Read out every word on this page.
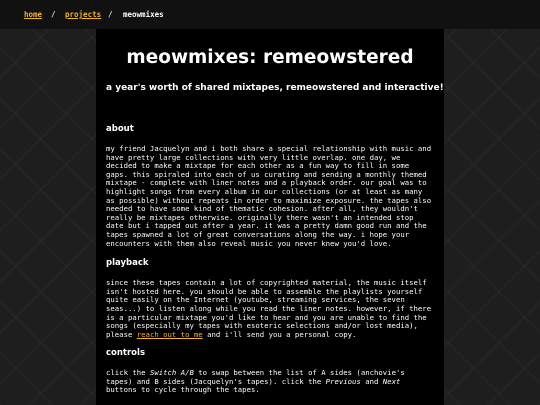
home / projects / meowmixes
meowmixes: remeowstered
a year's worth of shared mixtapes, remeowstered and interactive!
about

my friend Jacquelyn and i both share a special relationship with music and have pretty large collections with very little overlap. one day, we decided to make a mixtape for each other as a fun way to fill in some gaps. this spiraled into each of us curating and sending a monthly themed mixtape - complete with liner notes and a playback order. our goal was to highlight songs from every album in our collections (or at least as many as possible) without repeats in order to maximize exposure. the tapes also needed to have some kind of thematic cohesion. after all, they wouldn't really be mixtapes otherwise. originally there wasn't an intended stop date but i tapped out after a year. it was a pretty damn good run and the tapes spawned a lot of great conversations along the way. i hope your encounters with them also reveal music you never knew you'd love.

playback

since these tapes contain a lot of copyrighted material, the music itself isn't hosted here. you should be able to assemble the playlists yourself quite easily on the Internet (youtube, streaming services, the seven seas...) to listen along while you read the liner notes. however, if there is a particular mixtape you'd like to hear and you are unable to find the songs (especially my tapes with esoteric selections and/or lost media), please reach out to me and i'll send you a personal copy.

controls

click the Switch A/B to swap between the list of A sides (anchovie's tapes) and B sides (Jacquelyn's tapes). click the Previous and Next buttons to cycle through the tapes.
